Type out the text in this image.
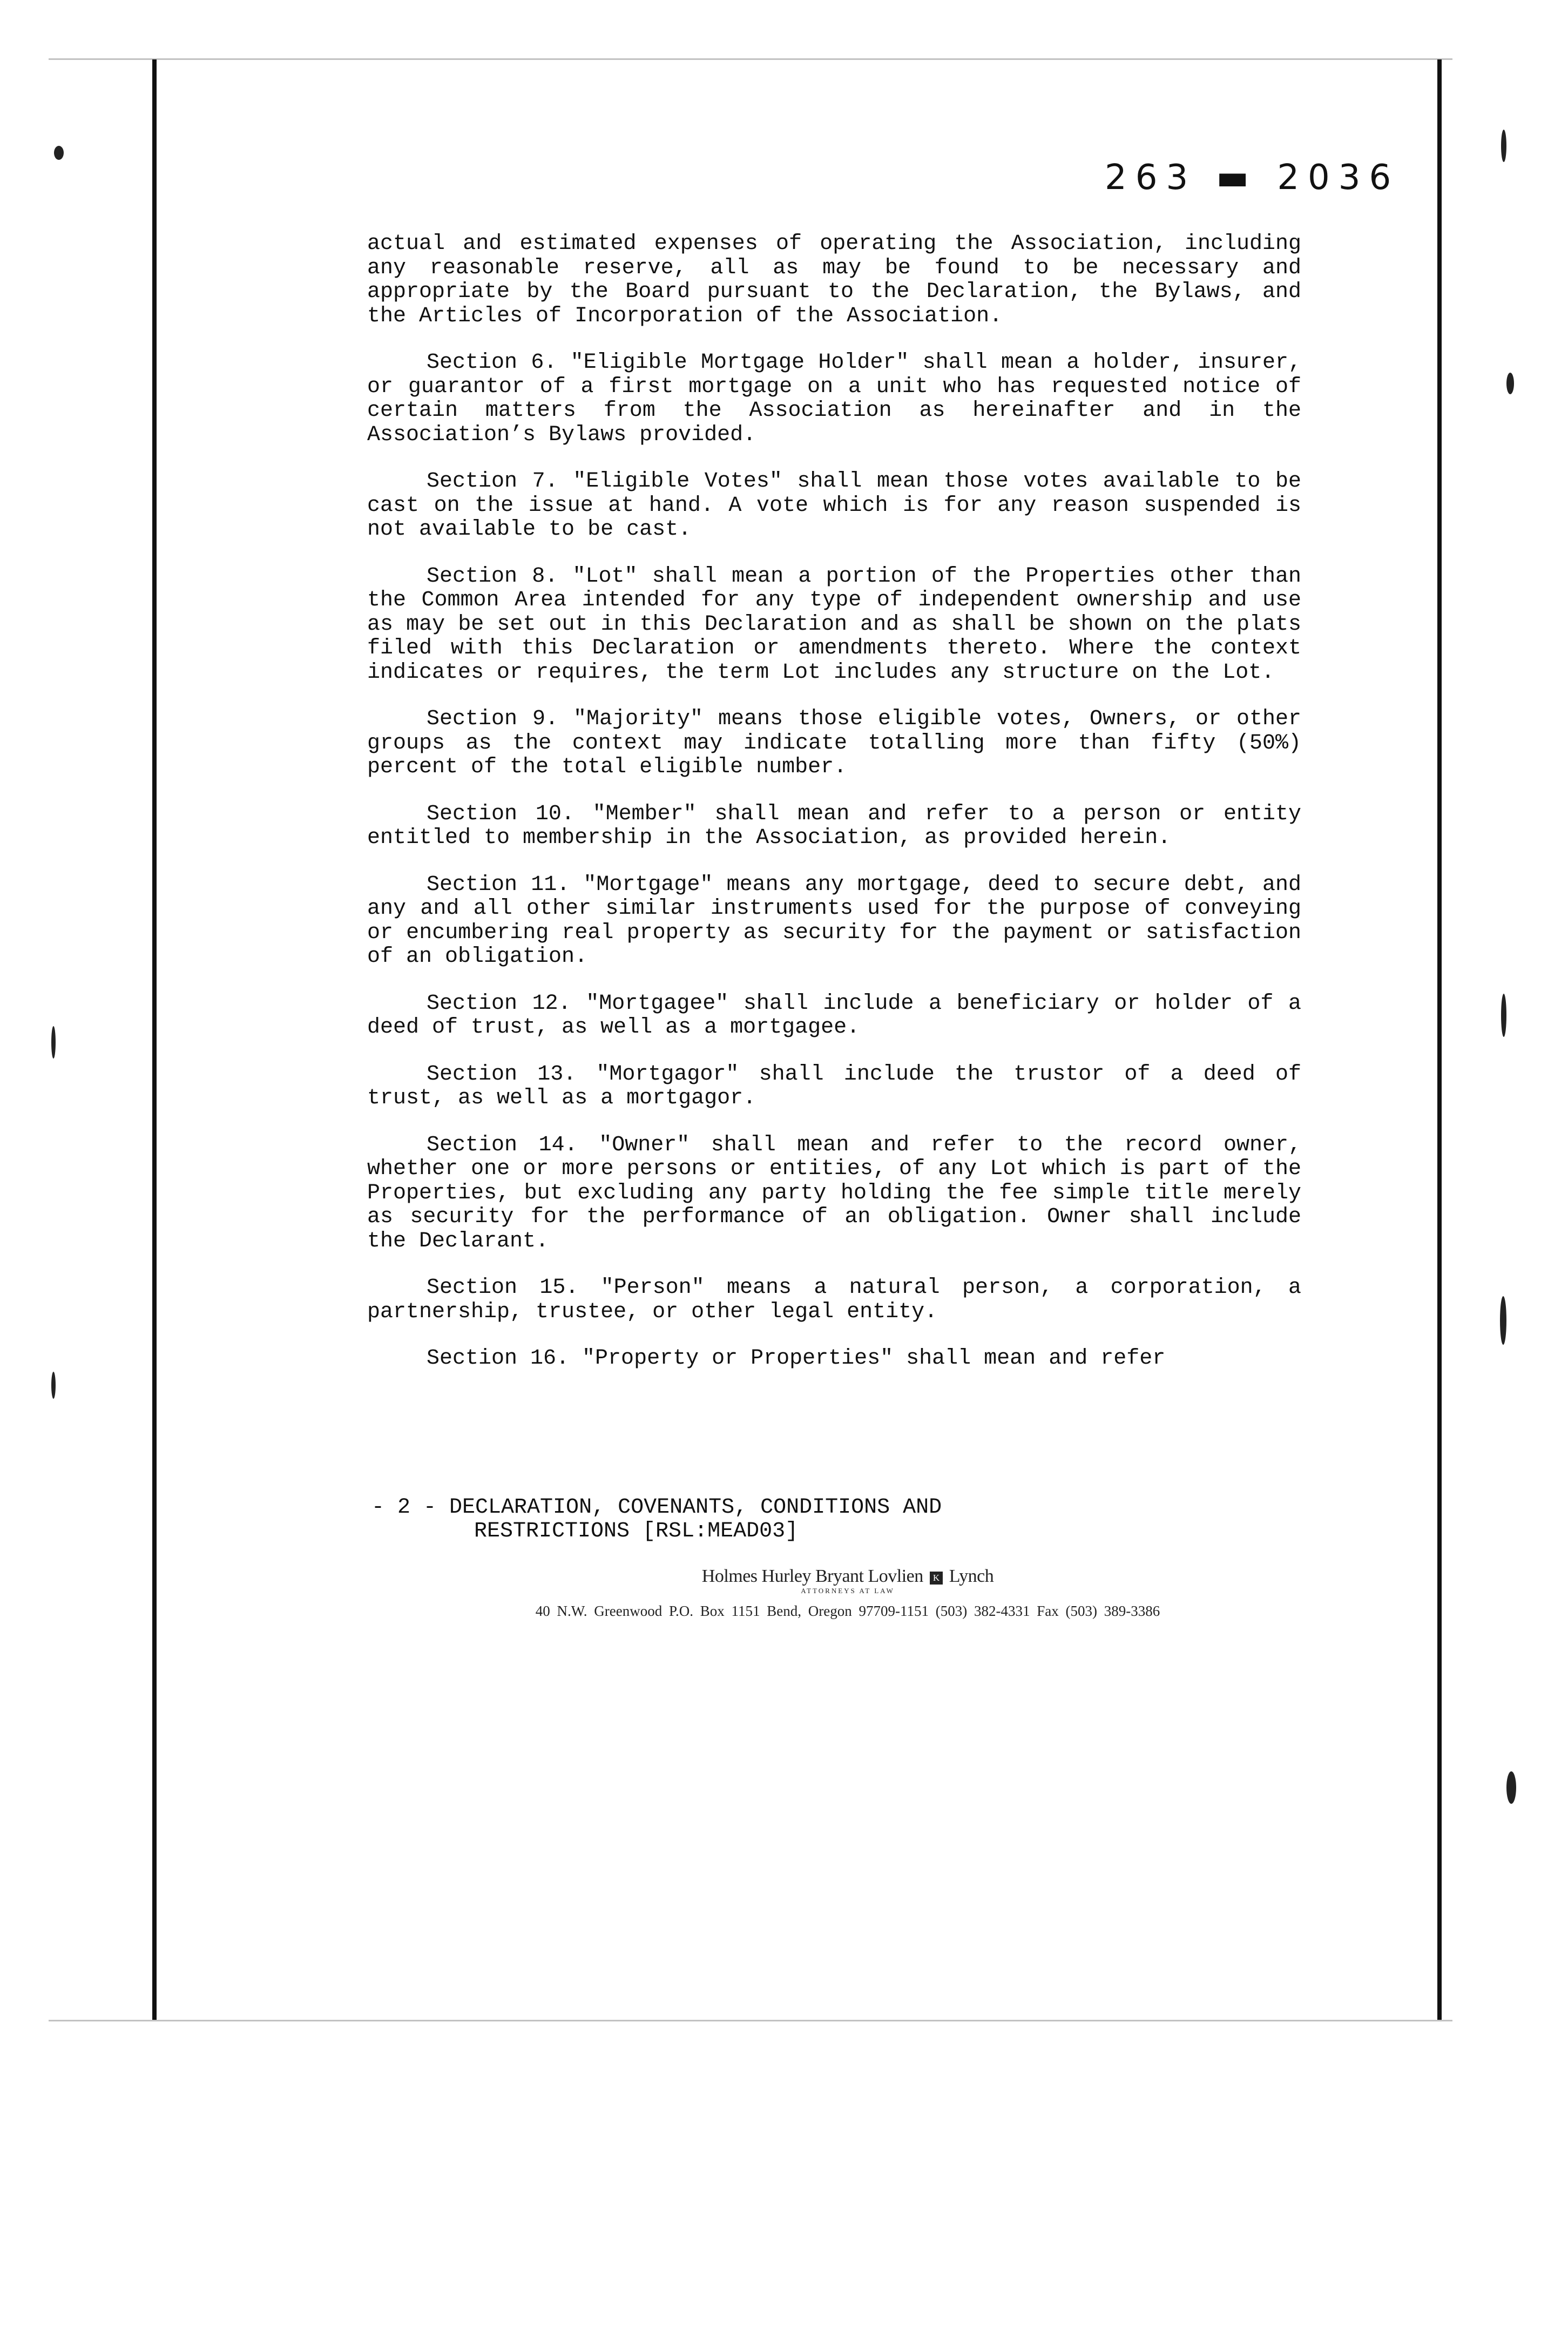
263 ▬ 2036

actual and estimated expenses of operating the Association, including any reasonable reserve, all as may be found to be necessary and appropriate by the Board pursuant to the Declaration, the Bylaws, and the Articles of Incorporation of the Association.

Section 6. "Eligible Mortgage Holder" shall mean a holder, insurer, or guarantor of a first mortgage on a unit who has requested notice of certain matters from the Association as hereinafter and in the Association’s Bylaws provided.

Section 7. "Eligible Votes" shall mean those votes available to be cast on the issue at hand. A vote which is for any reason suspended is not available to be cast.

Section 8. "Lot" shall mean a portion of the Properties other than the Common Area intended for any type of independent ownership and use as may be set out in this Declaration and as shall be shown on the plats filed with this Declaration or amendments thereto. Where the context indicates or requires, the term Lot includes any structure on the Lot.

Section 9. "Majority" means those eligible votes, Owners, or other groups as the context may indicate totalling more than fifty (50%) percent of the total eligible number.

Section 10. "Member" shall mean and refer to a person or entity entitled to membership in the Association, as provided herein.

Section 11. "Mortgage" means any mortgage, deed to secure debt, and any and all other similar instruments used for the purpose of conveying or encumbering real property as security for the payment or satisfaction of an obligation.

Section 12. "Mortgagee" shall include a beneficiary or holder of a deed of trust, as well as a mortgagee.

Section 13. "Mortgagor" shall include the trustor of a deed of trust, as well as a mortgagor.

Section 14. "Owner" shall mean and refer to the record owner, whether one or more persons or entities, of any Lot which is part of the Properties, but excluding any party holding the fee simple title merely as security for the performance of an obligation. Owner shall include the Declarant.

Section 15. "Person" means a natural person, a corporation, a partnership, trustee, or other legal entity.

Section 16. "Property or Properties" shall mean and refer

- 2 - DECLARATION, COVENANTS, CONDITIONS AND
RESTRICTIONS [RSL:MEAD03]
Holmes Hurley Bryant Lovlien K Lynch
ATTORNEYS AT LAW
40 N.W. Greenwood P.O. Box 1151 Bend, Oregon 97709-1151 (503) 382-4331 Fax (503) 389-3386
